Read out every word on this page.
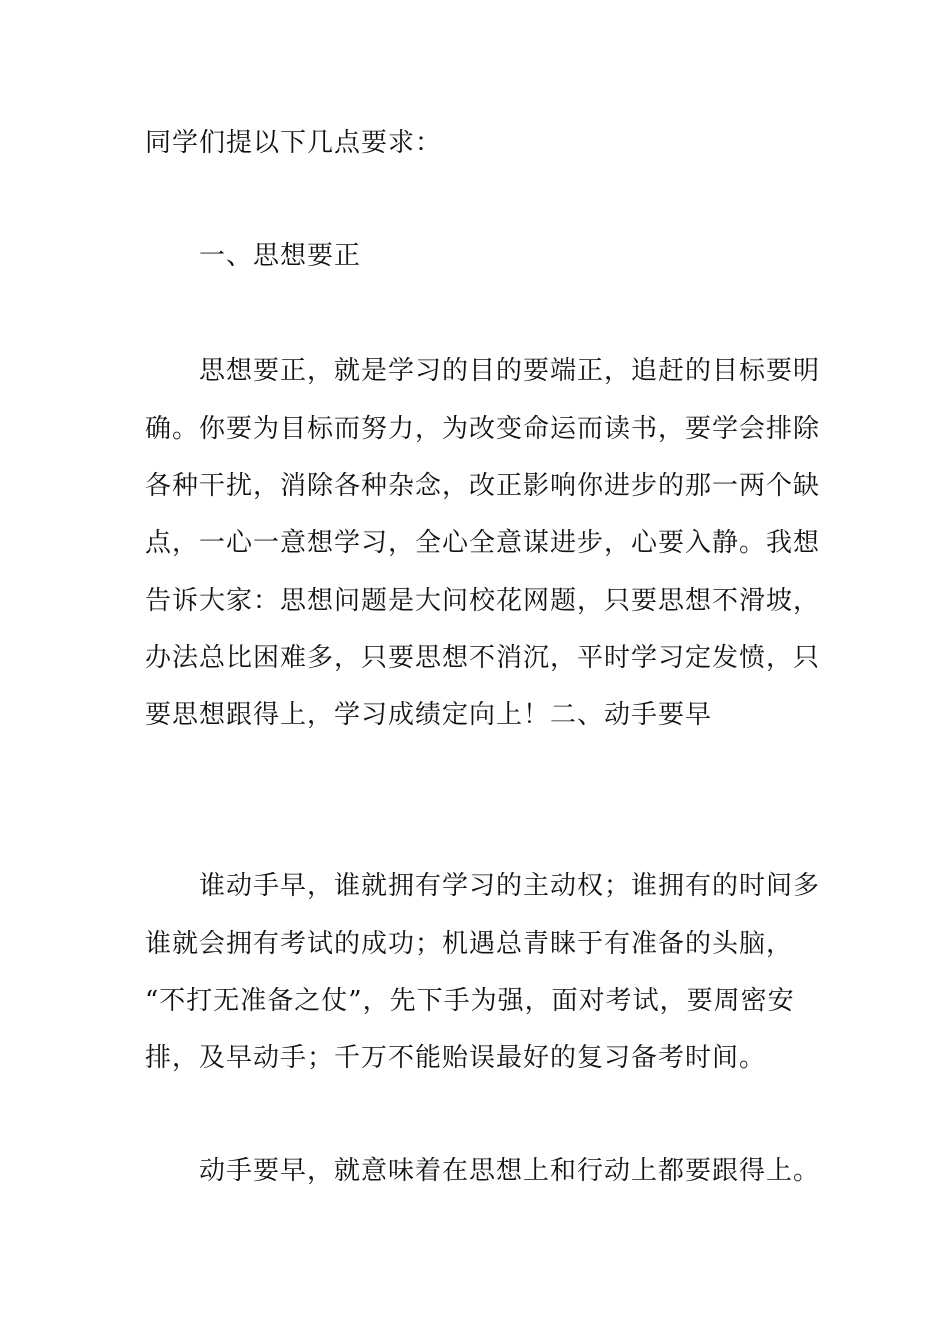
同学们提以下几点要求：
一、思想要正
思想要正，就是学习的目的要端正，追赶的目标要明
确。你要为目标而努力，为改变命运而读书，要学会排除
各种干扰，消除各种杂念，改正影响你进步的那一两个缺
点，一心一意想学习，全心全意谋进步，心要入静。我想
告诉大家：思想问题是大问校花网题，只要思想不滑坡，
办法总比困难多，只要思想不消沉，平时学习定发愤，只
要思想跟得上，学习成绩定向上！二、动手要早
谁动手早，谁就拥有学习的主动权；谁拥有的时间多
谁就会拥有考试的成功；机遇总青睐于有准备的头脑，
“不打无准备之仗”，先下手为强，面对考试，要周密安
排，及早动手；千万不能贻误最好的复习备考时间。
动手要早，就意味着在思想上和行动上都要跟得上。
